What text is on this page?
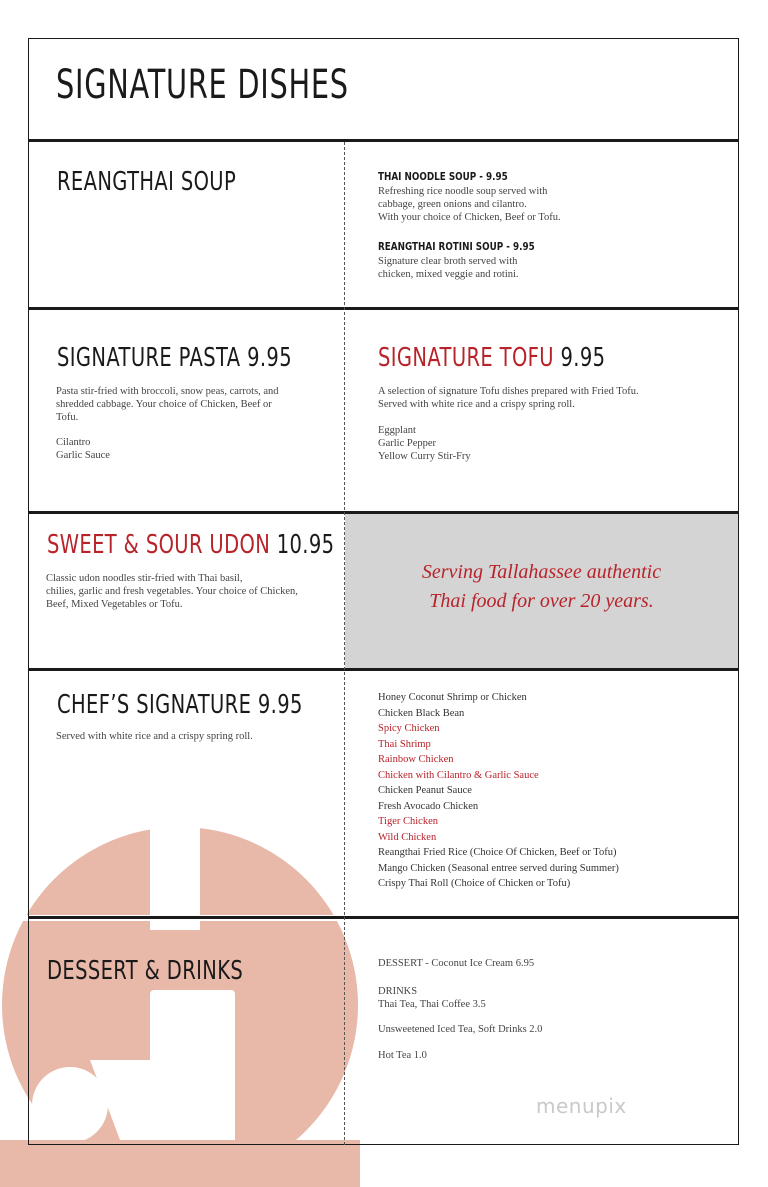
SIGNATURE DISHES
REANGTHAI SOUP	THAI NOODLE SOUP - 9.95

Refreshing rice noodle soup served with

cabbage, green onions and cilantro.

With your choice of Chicken, Beef or Tofu.

REANGTHAI ROTINI SOUP - 9.95

Signature clear broth served with

chicken, mixed veggie and rotini.

SIGNATURE PASTA 9.95

Pasta stir-fried with broccoli, snow peas, carrots, and

shredded cabbage. Your choice of Chicken, Beef or

Tofu.

Cilantro

Garlic Sauce

SIGNATURE TOFU 9.95

A selection of signature Tofu dishes prepared with Fried Tofu.

Served with white rice and a crispy spring roll.

Eggplant

Garlic Pepper

Yellow Curry Stir-Fry

SWEET & SOUR UDON 10.95

Classic udon noodles stir-fried with Thai basil,

chilies, garlic and fresh vegetables. Your choice of Chicken,

Beef, Mixed Vegetables or Tofu.

Serving Tallahassee authentic
Thai food for over 20 years.
CHEF’S SIGNATURE 9.95
Served with white rice and a crispy spring roll.
Honey Coconut Shrimp or Chicken
Chicken Black Bean
Spicy Chicken
Thai Shrimp
Rainbow Chicken
Chicken with Cilantro & Garlic Sauce
Chicken Peanut Sauce
Fresh Avocado Chicken
Tiger Chicken
Wild Chicken
Reangthai Fried Rice (Choice Of Chicken, Beef or Tofu)
Mango Chicken (Seasonal entree served during Summer)
Crispy Thai Roll (Choice of Chicken or Tofu)
DESSERT & DRINKS	DESSERT - Coconut Ice Cream 6.95
DRINKS
Thai Tea, Thai Coffee 3.5
Unsweetened Iced Tea, Soft Drinks 2.0
Hot Tea 1.0
menupix
